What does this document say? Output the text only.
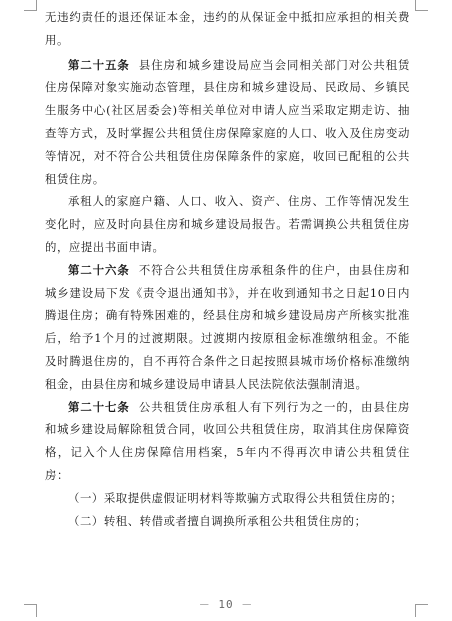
无违约责任的退还保证本金，违约的从保证金中抵扣应承担的相关费用。

第二十五条 县住房和城乡建设局应当会同相关部门对公共租赁住房保障对象实施动态管理，县住房和城乡建设局、民政局、乡镇民生服务中心(社区居委会)等相关单位对申请人应当采取定期走访、抽查等方式，及时掌握公共租赁住房保障家庭的人口、收入及住房变动等情况，对不符合公共租赁住房保障条件的家庭，收回已配租的公共租赁住房。

承租人的家庭户籍、人口、收入、资产、住房、工作等情况发生变化时，应及时向县住房和城乡建设局报告。若需调换公共租赁住房的，应提出书面申请。

第二十六条 不符合公共租赁住房承租条件的住户，由县住房和城乡建设局下发《责令退出通知书》，并在收到通知书之日起10日内腾退住房；确有特殊困难的，经县住房和城乡建设局房产所核实批准后，给予1个月的过渡期限。过渡期内按原租金标准缴纳租金。不能及时腾退住房的，自不再符合条件之日起按照县城市场价格标准缴纳租金，由县住房和城乡建设局申请县人民法院依法强制清退。

第二十七条 公共租赁住房承租人有下列行为之一的，由县住房和城乡建设局解除租赁合同，收回公共租赁住房，取消其住房保障资格，记入个人住房保障信用档案，5年内不得再次申请公共租赁住房：

（一）采取提供虚假证明材料等欺骗方式取得公共租赁住房的；

（二）转租、转借或者擅自调换所承租公共租赁住房的；

－ 10 －
